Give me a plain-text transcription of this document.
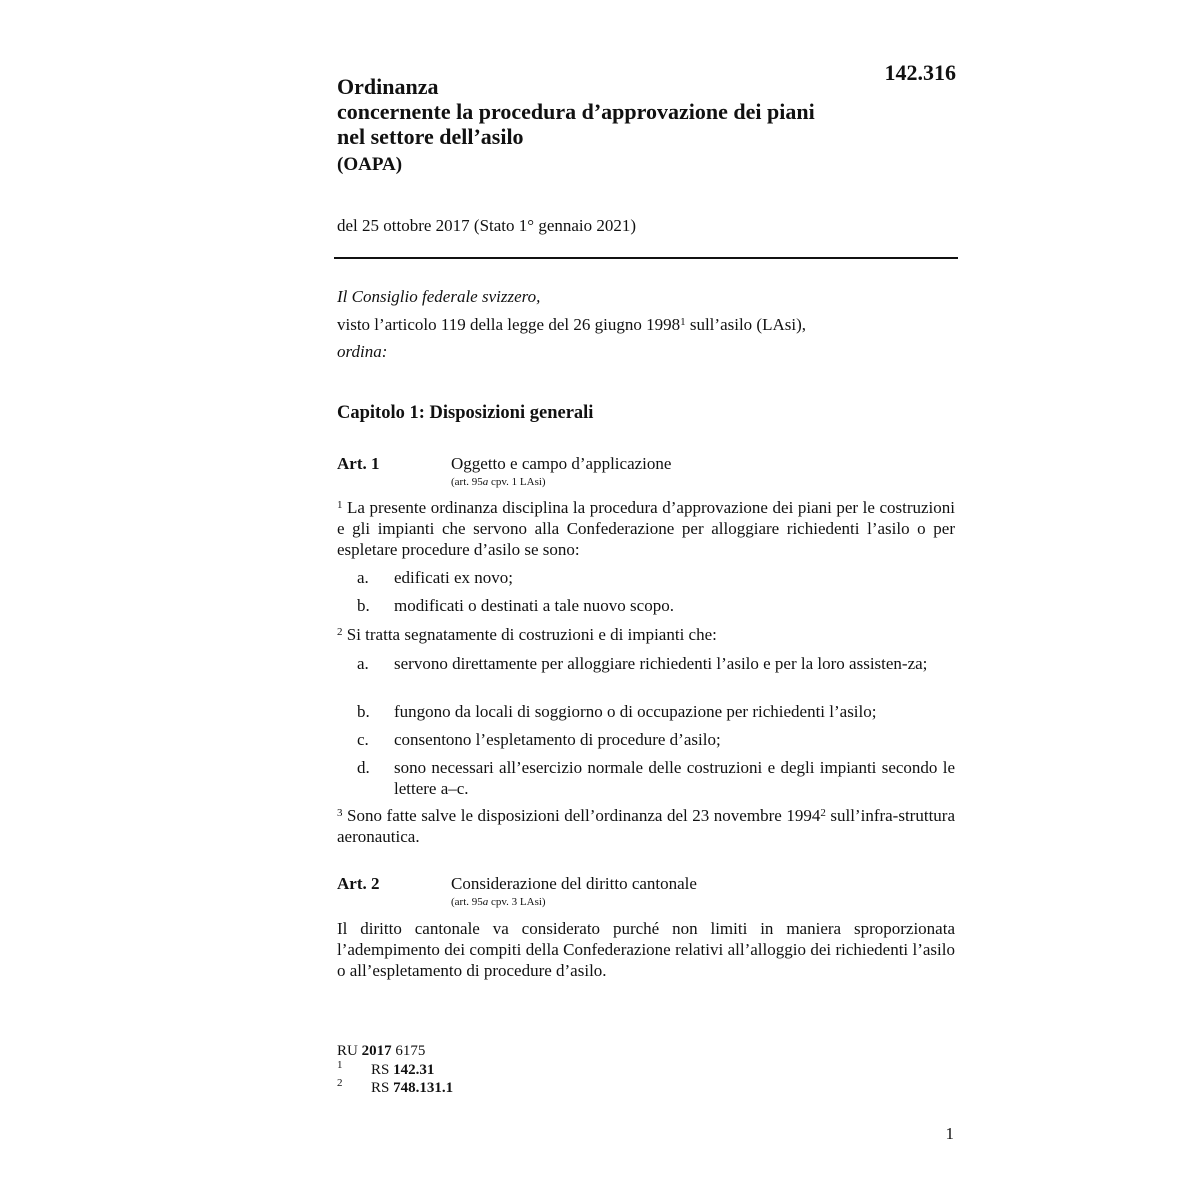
142.316
Ordinanza
concernente la procedura d’approvazione dei piani
nel settore dell’asilo
(OAPA)
del 25 ottobre 2017 (Stato 1° gennaio 2021)
Il Consiglio federale svizzero,
visto l’articolo 119 della legge del 26 giugno 1998$^1$ sull’asilo (LAsi),
ordina:
Capitolo 1: Disposizioni generali
Art. 1	Oggetto e campo d’applicazione
(art. 95a cpv. 1 LAsi)
$^1$ La presente ordinanza disciplina la procedura d’approvazione dei piani per le costruzioni e gli impianti che servono alla Confederazione per alloggiare richiedenti l’asilo o per espletare procedure d’asilo se sono:
a. edificati ex novo;
b. modificati o destinati a tale nuovo scopo.
$^2$ Si tratta segnatamente di costruzioni e di impianti che:
a. servono direttamente per alloggiare richiedenti l’asilo e per la loro assisten-za;
b. fungono da locali di soggiorno o di occupazione per richiedenti l’asilo;
c. consentono l’espletamento di procedure d’asilo;
d. sono necessari all’esercizio normale delle costruzioni e degli impianti secondo le lettere a–c.
$^3$ Sono fatte salve le disposizioni dell’ordinanza del 23 novembre 1994$^2$ sull’infra-struttura aeronautica.
Art. 2	Considerazione del diritto cantonale
(art. 95a cpv. 3 LAsi)
Il diritto cantonale va considerato purché non limiti in maniera sproporzionata l’adempimento dei compiti della Confederazione relativi all’alloggio dei richiedenti l’asilo o all’espletamento di procedure d’asilo.
RU 2017 6175
1 RS 142.31
2 RS 748.131.1
1
